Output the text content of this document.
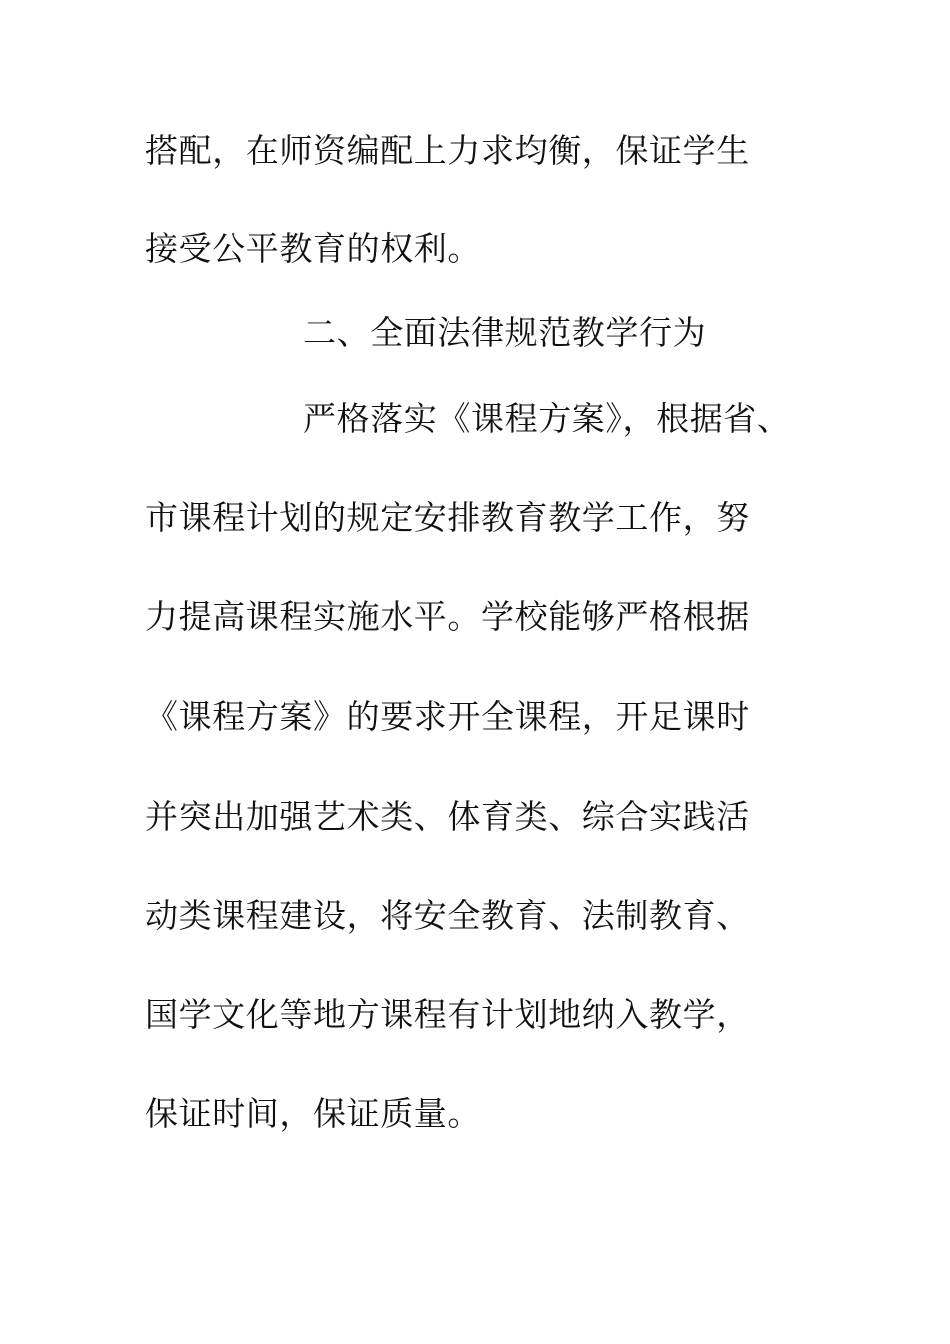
搭配，在师资编配上力求均衡，保证学生
接受公平教育的权利。
二、全面法律规范教学行为
严格落实《课程方案》，根据省、
市课程计划的规定安排教育教学工作，努
力提高课程实施水平。学校能够严格根据
《课程方案》的要求开全课程，开足课时
并突出加强艺术类、体育类、综合实践活
动类课程建设，将安全教育、法制教育、
国学文化等地方课程有计划地纳入教学，
保证时间，保证质量。
